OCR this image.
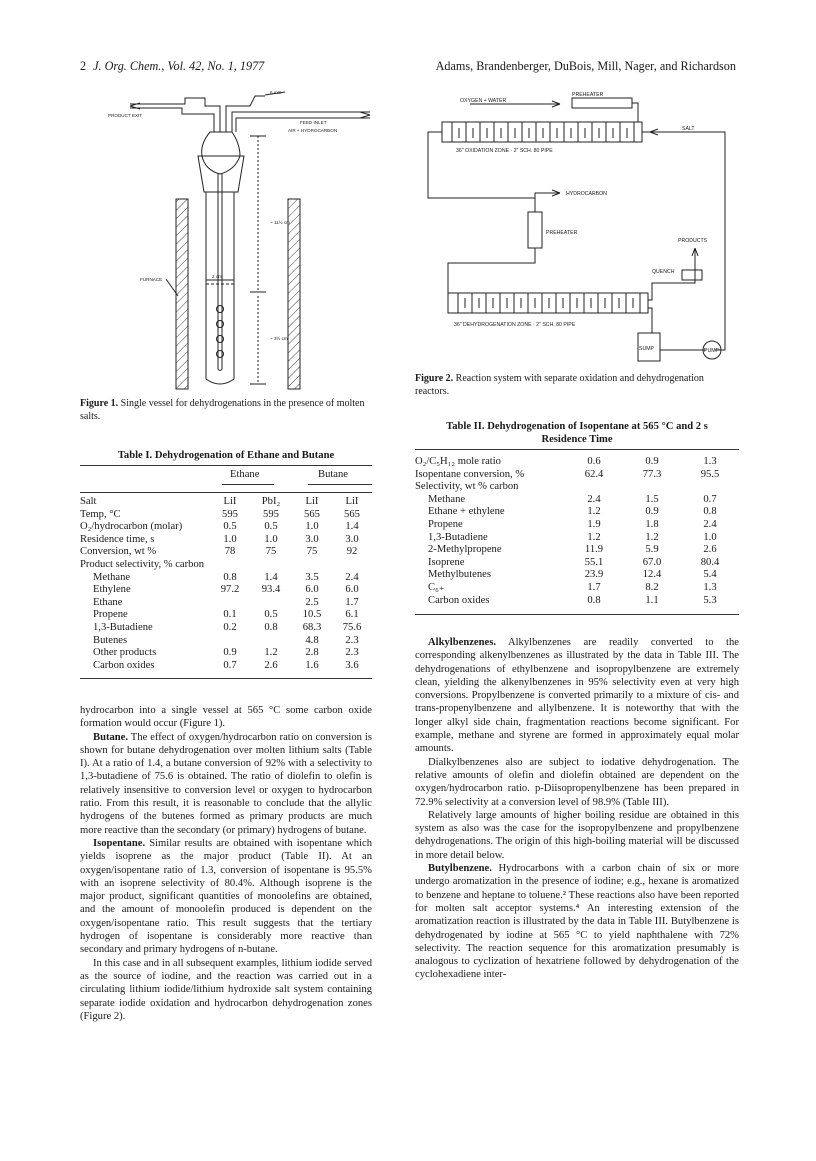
2 J. Org. Chem., Vol. 42, No. 1, 1977	Adams, Brandenberger, DuBois, Mill, Nager, and Richardson
6 mm
PRODUCT EXIT
FEED INLET
AIR + HYDROCARBON
~ 11½ cm
FURNACE
2 cm
~ 3½ cm
Figure 1. Single vessel for dehydrogenations in the presence of molten salts.
PREHEATER
OXYGEN + WATER
SALT
36" OXIDATION ZONE · 2" SCH. 80 PIPE
HYDROCARBON
PREHEATER
PRODUCTS
QUENCH
36" DEHYDROGENATION ZONE · 2" SCH. 80 PIPE
SUMP	PUMP
Figure 2. Reaction system with separate oxidation and dehydrogenation reactors.
Table I. Dehydrogenation of Ethane and Butane
Ethane	Butane
Salt	LiI	PbI₂	LiI	LiI
Temp, °C	595	595	565	565
O₂/hydrocarbon (molar)	0.5	0.5	1.0	1.4
Residence time, s	1.0	1.0	3.0	3.0
Conversion, wt %	78	75	75	92
Product selectivity, % carbon				
Methane	0.8	1.4	3.5	2.4
Ethylene	97.2	93.4	6.0	6.0
Ethane			2.5	1.7
Propene	0.1	0.5	10.5	6.1
1,3-Butadiene	0.2	0.8	68.3	75.6
Butenes			4.8	2.3
Other products	0.9	1.2	2.8	2.3
Carbon oxides	0.7	2.6	1.6	3.6
Table II. Dehydrogenation of Isopentane at 565 °C and 2 s
Residence Time
O₂/C₅H₁₂ mole ratio	0.6	0.9	1.3
Isopentane conversion, %	62.4	77.3	95.5
Selectivity, wt % carbon			
Methane	2.4	1.5	0.7
Ethane + ethylene	1.2	0.9	0.8
Propene	1.9	1.8	2.4
1,3-Butadiene	1.2	1.2	1.0
2-Methylpropene	11.9	5.9	2.6
Isoprene	55.1	67.0	80.4
Methylbutenes	23.9	12.4	5.4
C₆₊	1.7	8.2	1.3
Carbon oxides	0.8	1.1	5.3

hydrocarbon into a single vessel at 565 °C some carbon oxide formation would occur (Figure 1).

Butane. The effect of oxygen/hydrocarbon ratio on conversion is shown for butane dehydrogenation over molten lithium salts (Table I). At a ratio of 1.4, a butane conversion of 92% with a selectivity to 1,3-butadiene of 75.6 is obtained. The ratio of diolefin to olefin is relatively insensitive to conversion level or oxygen to hydrocarbon ratio. From this result, it is reasonable to conclude that the allylic hydrogens of the butenes formed as primary products are much more reactive than the secondary (or primary) hydrogens of butane.

Isopentane. Similar results are obtained with isopentane which yields isoprene as the major product (Table II). At an oxygen/isopentane ratio of 1.3, conversion of isopentane is 95.5% with an isoprene selectivity of 80.4%. Although isoprene is the major product, significant quantities of monoolefins are obtained, and the amount of monoolefin produced is dependent on the oxygen/isopentane ratio. This result suggests that the tertiary hydrogen of isopentane is considerably more reactive than secondary and primary hydrogens of n-butane.

In this case and in all subsequent examples, lithium iodide served as the source of iodine, and the reaction was carried out in a circulating lithium iodide/lithium hydroxide salt system containing separate iodide oxidation and hydrocarbon dehydrogenation zones (Figure 2).

Alkylbenzenes. Alkylbenzenes are readily converted to the corresponding alkenylbenzenes as illustrated by the data in Table III. The dehydrogenations of ethylbenzene and isopropylbenzene are extremely clean, yielding the alkenylbenzenes in 95% selectivity even at very high conversions. Propylbenzene is converted primarily to a mixture of cis- and trans-propenylbenzene and allylbenzene. It is noteworthy that with the longer alkyl side chain, fragmentation reactions become significant. For example, methane and styrene are formed in approximately equal molar amounts.

Dialkylbenzenes also are subject to iodative dehydrogenation. The relative amounts of olefin and diolefin obtained are dependent on the oxygen/hydrocarbon ratio. p-Diisopropenylbenzene has been prepared in 72.9% selectivity at a conversion level of 98.9% (Table III).

Relatively large amounts of higher boiling residue are obtained in this system as also was the case for the isopropylbenzene and propylbenzene dehydrogenations. The origin of this high-boiling material will be discussed in more detail below.

Butylbenzene. Hydrocarbons with a carbon chain of six or more undergo aromatization in the presence of iodine; e.g., hexane is aromatized to benzene and heptane to toluene.² These reactions also have been reported for molten salt acceptor systems.⁴ An interesting extension of the aromatization reaction is illustrated by the data in Table III. Butylbenzene is dehydrogenated by iodine at 565 °C to yield naphthalene with 72% selectivity. The reaction sequence for this aromatization presumably is analogous to cyclization of hexatriene followed by dehydrogenation of the cyclohexadiene inter-
